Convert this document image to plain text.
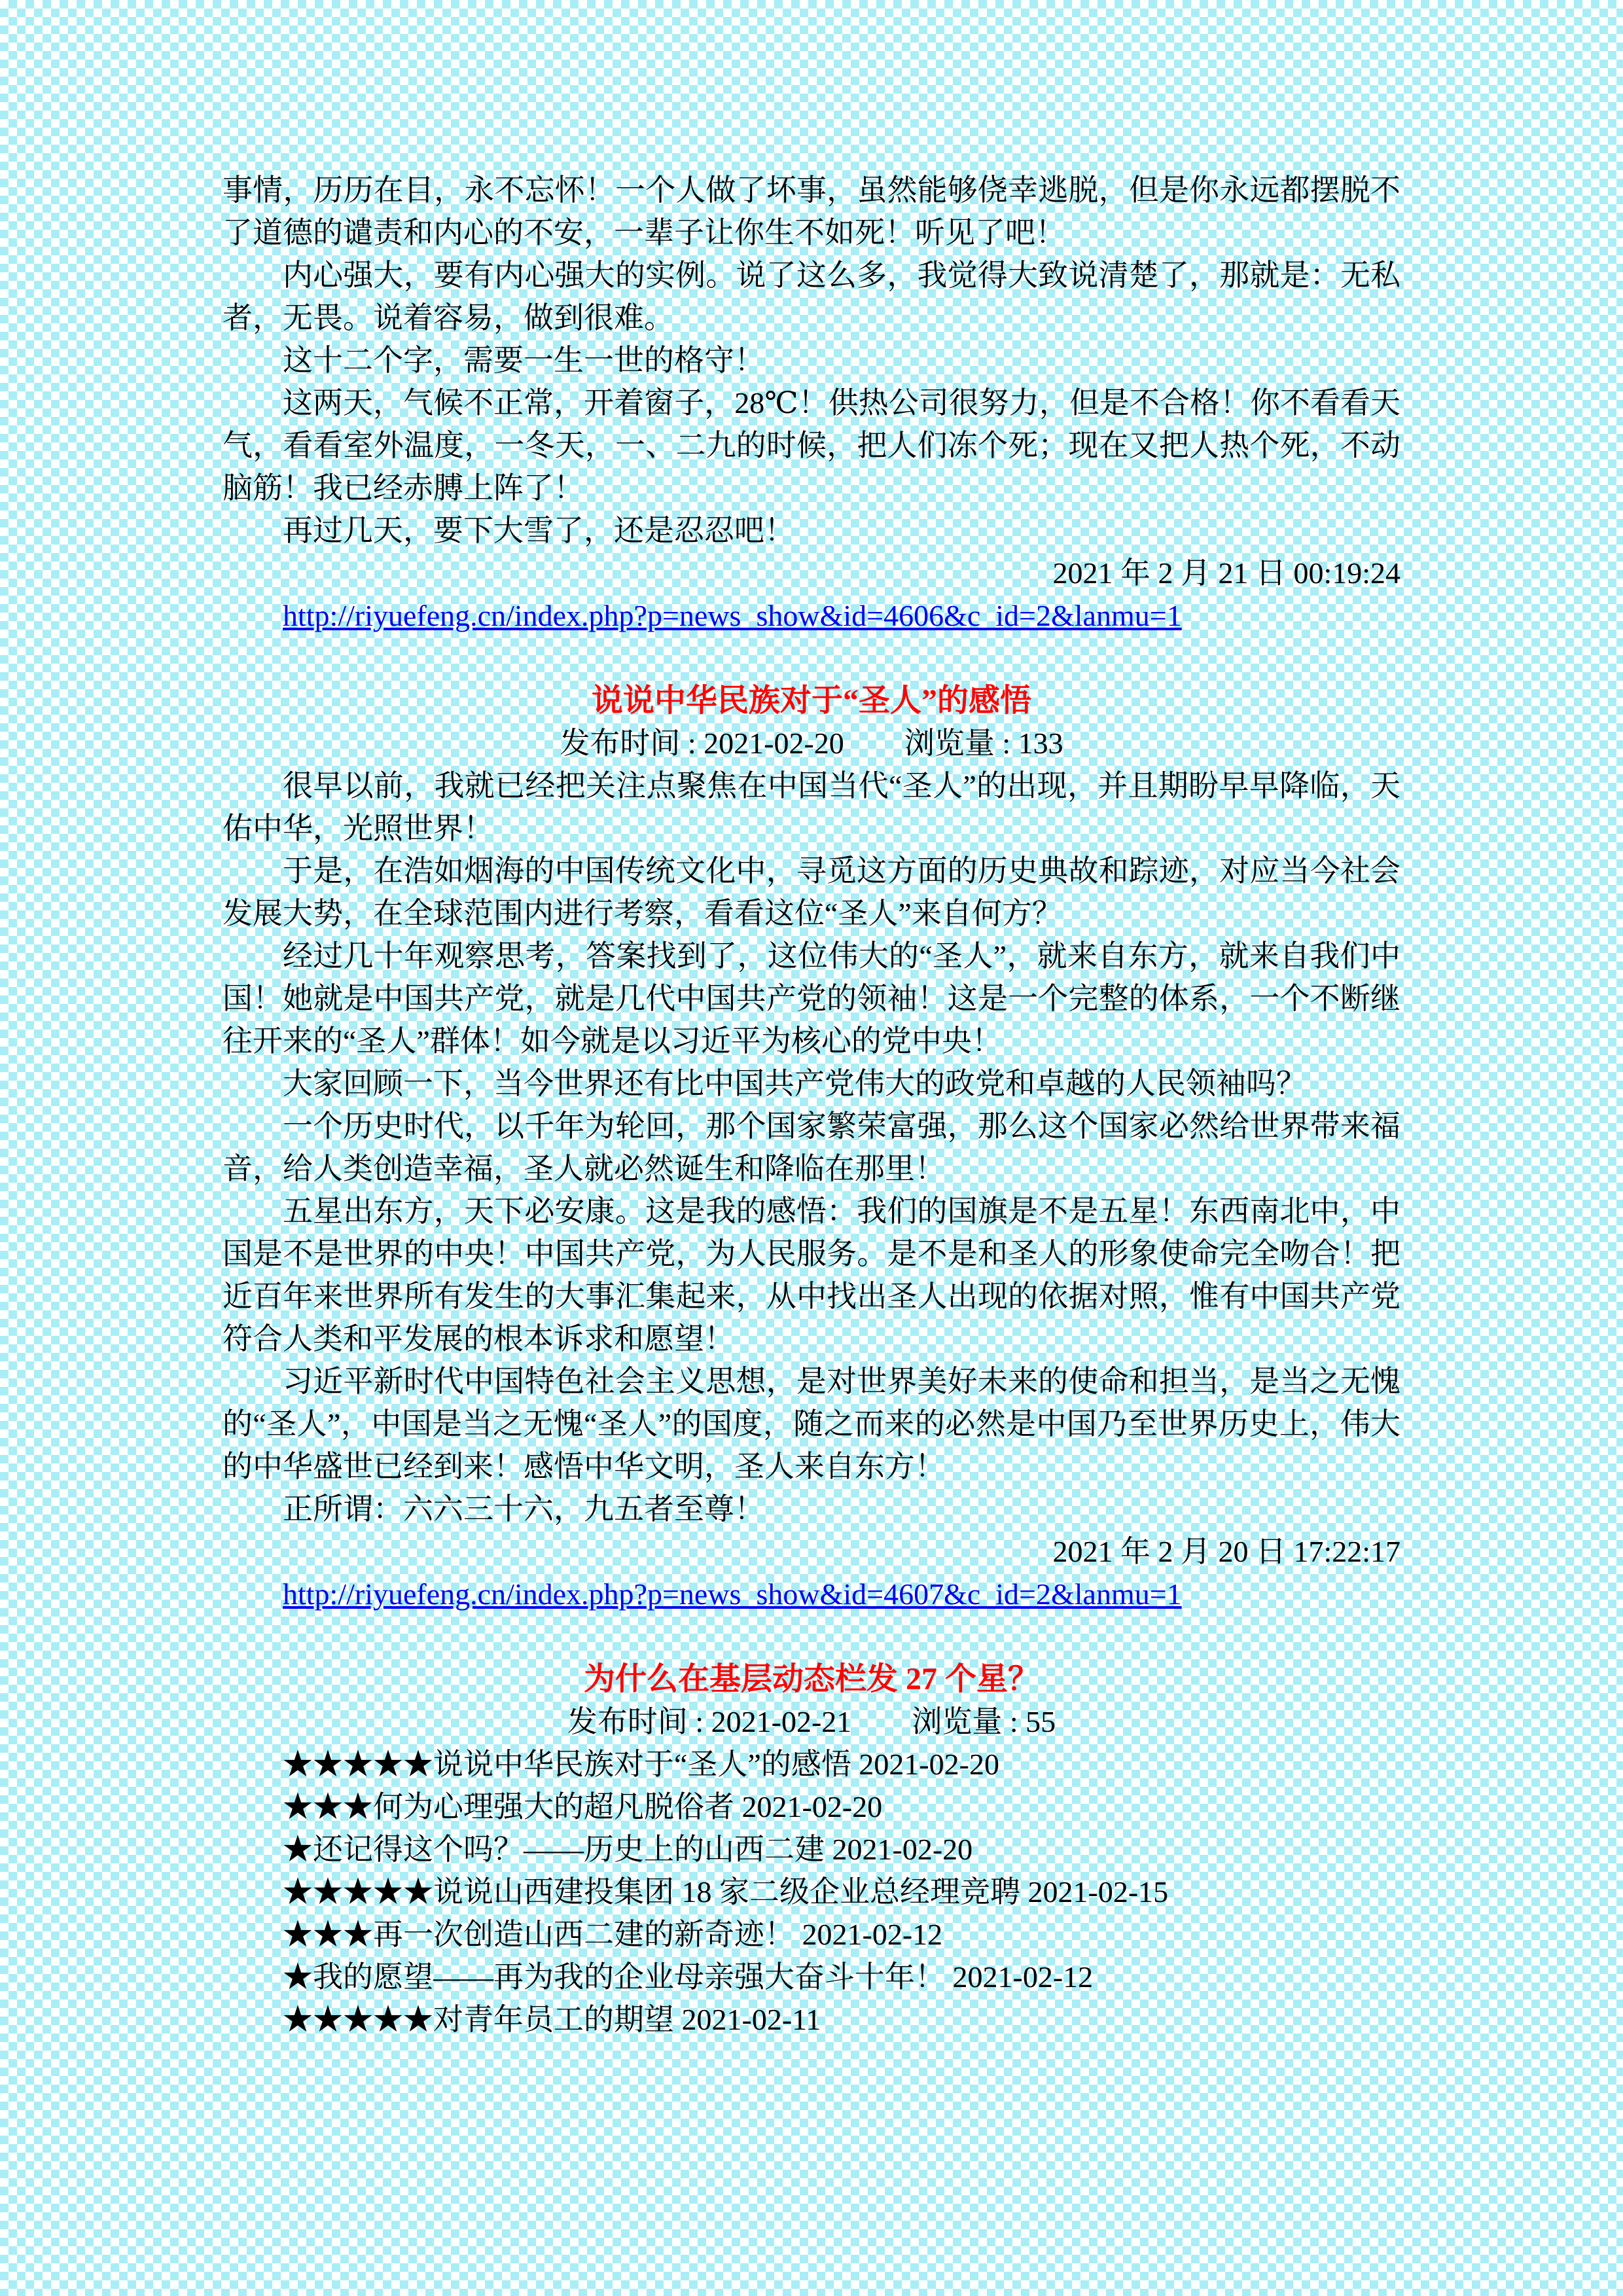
事情，历历在目，永不忘怀！一个人做了坏事，虽然能够侥幸逃脱，但是你永远都摆脱不了道德的谴责和内心的不安，一辈子让你生不如死！听见了吧！

内心强大，要有内心强大的实例。说了这么多，我觉得大致说清楚了，那就是：无私者，无畏。说着容易，做到很难。

这十二个字，需要一生一世的格守！

这两天，气候不正常，开着窗子，28℃！供热公司很努力，但是不合格！你不看看天气，看看室外温度，一冬天，一、二九的时候，把人们冻个死；现在又把人热个死，不动脑筋！我已经赤膊上阵了！

再过几天，要下大雪了，还是忍忍吧！

2021 年 2 月 21 日 00:19:24

http://riyuefeng.cn/index.php?p=news_show&id=4606&c_id=2&lanmu=1

说说中华民族对于“圣人”的感悟

发布时间 : 2021-02-20 浏览量 : 133

很早以前，我就已经把关注点聚焦在中国当代“圣人”的出现，并且期盼早早降临，天佑中华，光照世界！

于是，在浩如烟海的中国传统文化中，寻觅这方面的历史典故和踪迹，对应当今社会发展大势，在全球范围内进行考察，看看这位“圣人”来自何方？

经过几十年观察思考，答案找到了，这位伟大的“圣人”，就来自东方，就来自我们中国！她就是中国共产党，就是几代中国共产党的领袖！这是一个完整的体系，一个不断继往开来的“圣人”群体！如今就是以习近平为核心的党中央！

大家回顾一下，当今世界还有比中国共产党伟大的政党和卓越的人民领袖吗？

一个历史时代，以千年为轮回，那个国家繁荣富强，那么这个国家必然给世界带来福音，给人类创造幸福，圣人就必然诞生和降临在那里！

五星出东方，天下必安康。这是我的感悟：我们的国旗是不是五星！东西南北中，中国是不是世界的中央！中国共产党，为人民服务。是不是和圣人的形象使命完全吻合！把近百年来世界所有发生的大事汇集起来，从中找出圣人出现的依据对照，惟有中国共产党符合人类和平发展的根本诉求和愿望！

习近平新时代中国特色社会主义思想，是对世界美好未来的使命和担当，是当之无愧的“圣人”，中国是当之无愧“圣人”的国度，随之而来的必然是中国乃至世界历史上，伟大的中华盛世已经到来！感悟中华文明，圣人来自东方！

正所谓：六六三十六，九五者至尊！

2021 年 2 月 20 日 17:22:17

http://riyuefeng.cn/index.php?p=news_show&id=4607&c_id=2&lanmu=1

为什么在基层动态栏发 27 个星？

发布时间 : 2021-02-21 浏览量 : 55

★★★★★说说中华民族对于“圣人”的感悟 2021-02-20
★★★何为心理强大的超凡脱俗者 2021-02-20
★还记得这个吗？——历史上的山西二建 2021-02-20
★★★★★说说山西建投集团 18 家二级企业总经理竞聘 2021-02-15
★★★再一次创造山西二建的新奇迹！ 2021-02-12
★我的愿望——再为我的企业母亲强大奋斗十年！ 2021-02-12
★★★★★对青年员工的期望 2021-02-11
